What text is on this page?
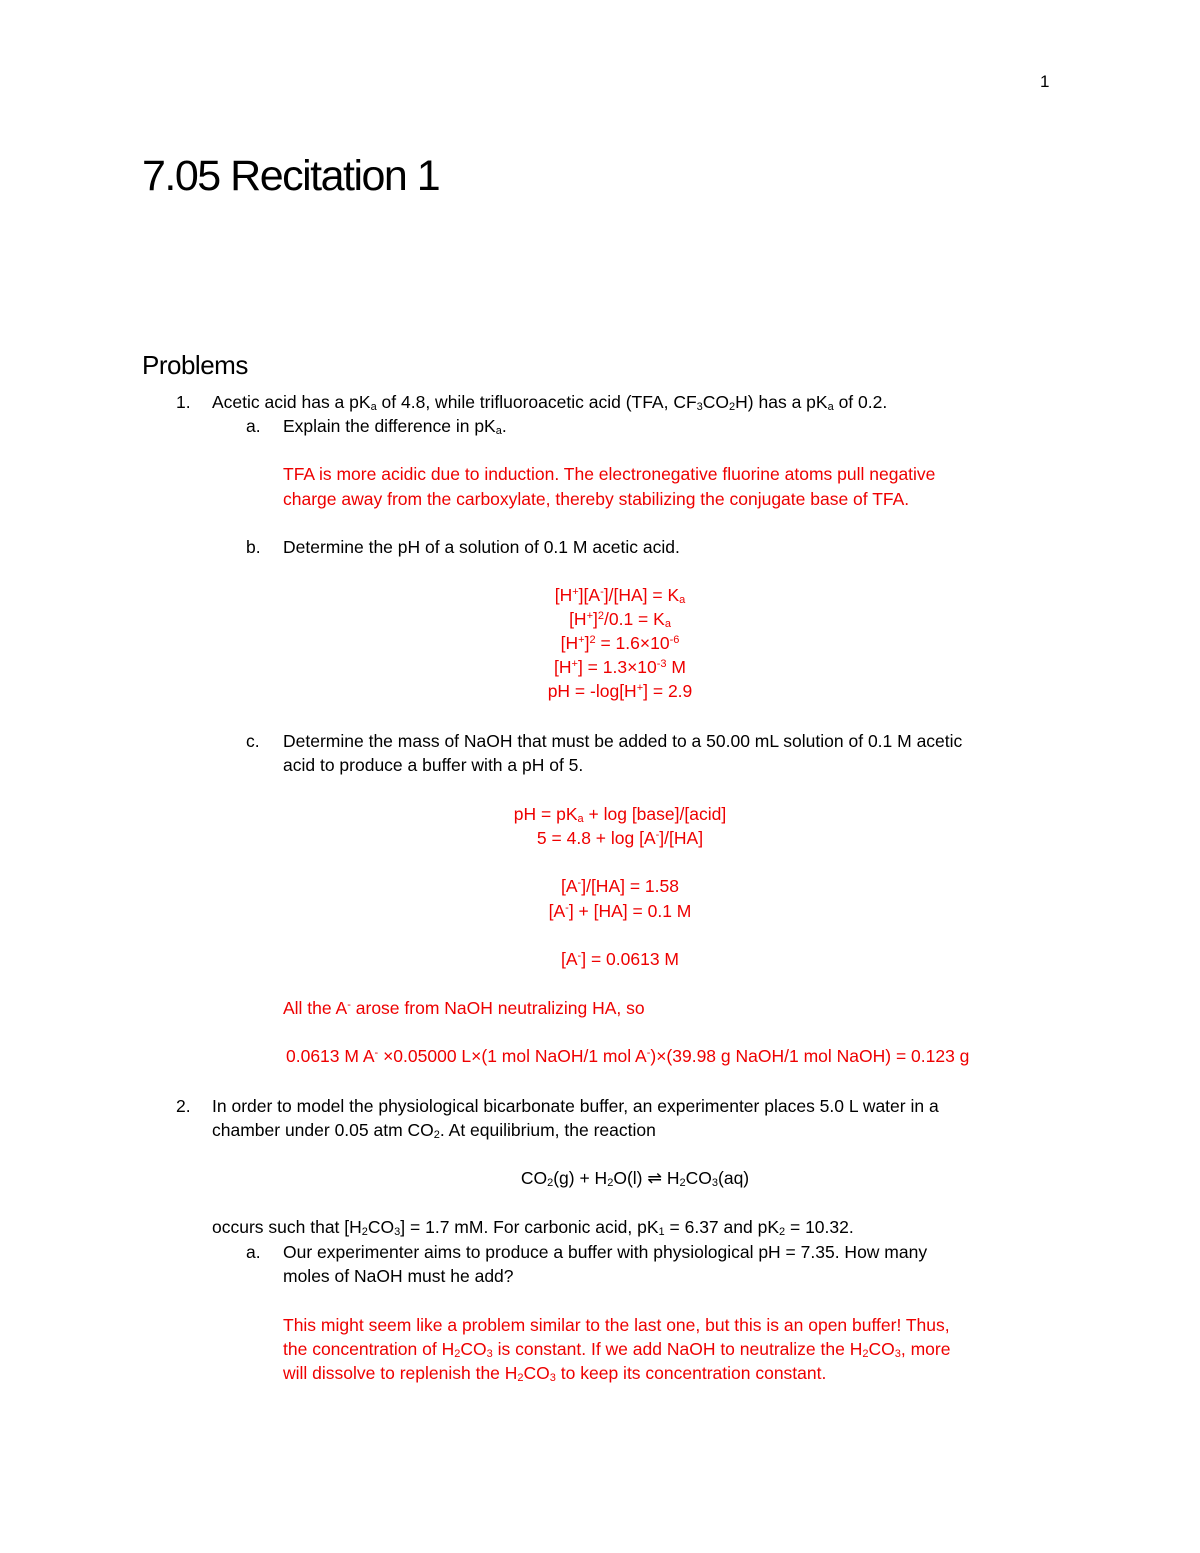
1
7.05 Recitation 1
Problems
1. Acetic acid has a $pK_a$ of 4.8, while trifluoroacetic acid (TFA, $CF_3CO_2H$) has a $pK_a$ of 0.2.
a. Explain the difference in $pK_a$.
TFA is more acidic due to induction. The electronegative fluorine atoms pull negative
charge away from the carboxylate, thereby stabilizing the conjugate base of TFA.
b. Determine the pH of a solution of 0.1 M acetic acid.
$[H^+][A^-]/[HA] = K_a$
$[H^+]^2/0.1 = K_a$
$[H^+]^2 = 1.6\times 10^{-6}$
$[H^+] = 1.3\times 10^{-3}$ M
pH = -log[H+] = 2.9
c. Determine the mass of NaOH that must be added to a 50.00 mL solution of 0.1 M acetic
acid to produce a buffer with a pH of 5.
pH = $pK_a + \log$ [base]/[acid]
5 = 4.8 + log [A-]/[HA]
[A-]/[HA] = 1.58
[A-] + [HA] = 0.1 M
[A-] = 0.0613 M
All the A- arose from NaOH neutralizing HA, so
0.0613 M A- ×0.05000 L×(1 mol NaOH/1 mol A-)×(39.98 g NaOH/1 mol NaOH) = 0.123 g
2. In order to model the physiological bicarbonate buffer, an experimenter places 5.0 L water in a
chamber under 0.05 atm $CO_2$. At equilibrium, the reaction
$CO_2(g) + H_2O(l)$ ⇌ $H_2CO_3(aq)$
occurs such that $[H_2CO_3] = 1.7$ mM. For carbonic acid, $pK_1 = 6.37$ and $pK_2 = 10.32$.
a. Our experimenter aims to produce a buffer with physiological pH = 7.35. How many
moles of NaOH must he add?
This might seem like a problem similar to the last one, but this is an open buffer! Thus,
the concentration of $H_2CO_3$ is constant. If we add NaOH to neutralize the $H_2CO_3$, more
will dissolve to replenish the $H_2CO_3$ to keep its concentration constant.
